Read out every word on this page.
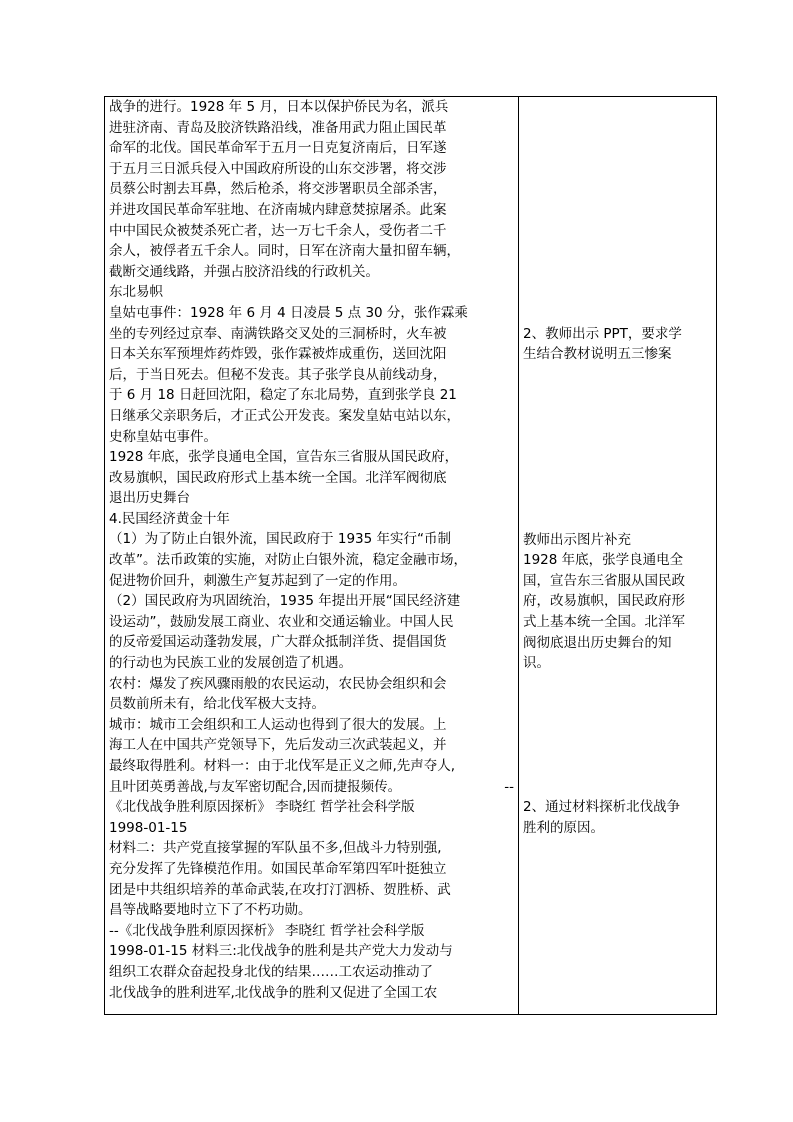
战争的进行。1928 年 5 月，日本以保护侨民为名，派兵
进驻济南、青岛及胶济铁路沿线，准备用武力阻止国民革
命军的北伐。国民革命军于五月一日克复济南后，日军遂
于五月三日派兵侵入中国政府所设的山东交涉署，将交涉
员蔡公时割去耳鼻，然后枪杀，将交涉署职员全部杀害，
并进攻国民革命军驻地、在济南城内肆意焚掠屠杀。此案
中中国民众被焚杀死亡者，达一万七千余人，受伤者二千
余人，被俘者五千余人。同时，日军在济南大量扣留车辆，
截断交通线路，并强占胶济沿线的行政机关。
东北易帜
皇姑屯事件：1928 年 6 月 4 日凌晨 5 点 30 分，张作霖乘
坐的专列经过京奉、南满铁路交叉处的三洞桥时，火车被
日本关东军预埋炸药炸毁，张作霖被炸成重伤，送回沈阳
后，于当日死去。但秘不发丧。其子张学良从前线动身，
于 6 月 18 日赶回沈阳，稳定了东北局势，直到张学良 21
日继承父亲职务后，才正式公开发丧。案发皇姑屯站以东，
史称皇姑屯事件。
1928 年底，张学良通电全国，宣告东三省服从国民政府，
改易旗帜，国民政府形式上基本统一全国。北洋军阀彻底
退出历史舞台
4.民国经济黄金十年
（1）为了防止白银外流，国民政府于 1935 年实行“币制
改革”。法币政策的实施，对防止白银外流，稳定金融市场，
促进物价回升，刺激生产复苏起到了一定的作用。
（2）国民政府为巩固统治，1935 年提出开展“国民经济建
设运动”，鼓励发展工商业、农业和交通运输业。中国人民
的反帝爱国运动蓬勃发展，广大群众抵制洋货、提倡国货
的行动也为民族工业的发展创造了机遇。
农村：爆发了疾风骤雨般的农民运动，农民协会组织和会
员数前所未有，给北伐军极大支持。
城市：城市工会组织和工人运动也得到了很大的发展。上
海工人在中国共产党领导下，先后发动三次武装起义，并
最终取得胜利。材料一：由于北伐军是正义之师,先声夺人,
且叶团英勇善战,与友军密切配合,因而捷报频传。	--
《北伐战争胜利原因探析》 李晓红 哲学社会科学版
1998-01-15
材料二：共产党直接掌握的军队虽不多,但战斗力特别强,
充分发挥了先锋模范作用。如国民革命军第四军叶挺独立
团是中共组织培养的革命武装,在攻打汀泗桥、贺胜桥、武
昌等战略要地时立下了不朽功勋。
--《北伐战争胜利原因探析》 李晓红 哲学社会科学版
1998-01-15 材料三:北伐战争的胜利是共产党大力发动与
组织工农群众奋起投身北伐的结果……工农运动推动了
北伐战争的胜利进军,北伐战争的胜利又促进了全国工农
2、教师出示 PPT，要求学
生结合教材说明五三惨案
教师出示图片补充
1928 年底，张学良通电全
国，宣告东三省服从国民政
府，改易旗帜，国民政府形
式上基本统一全国。北洋军
阀彻底退出历史舞台的知
识。
2、通过材料探析北伐战争
胜利的原因。
